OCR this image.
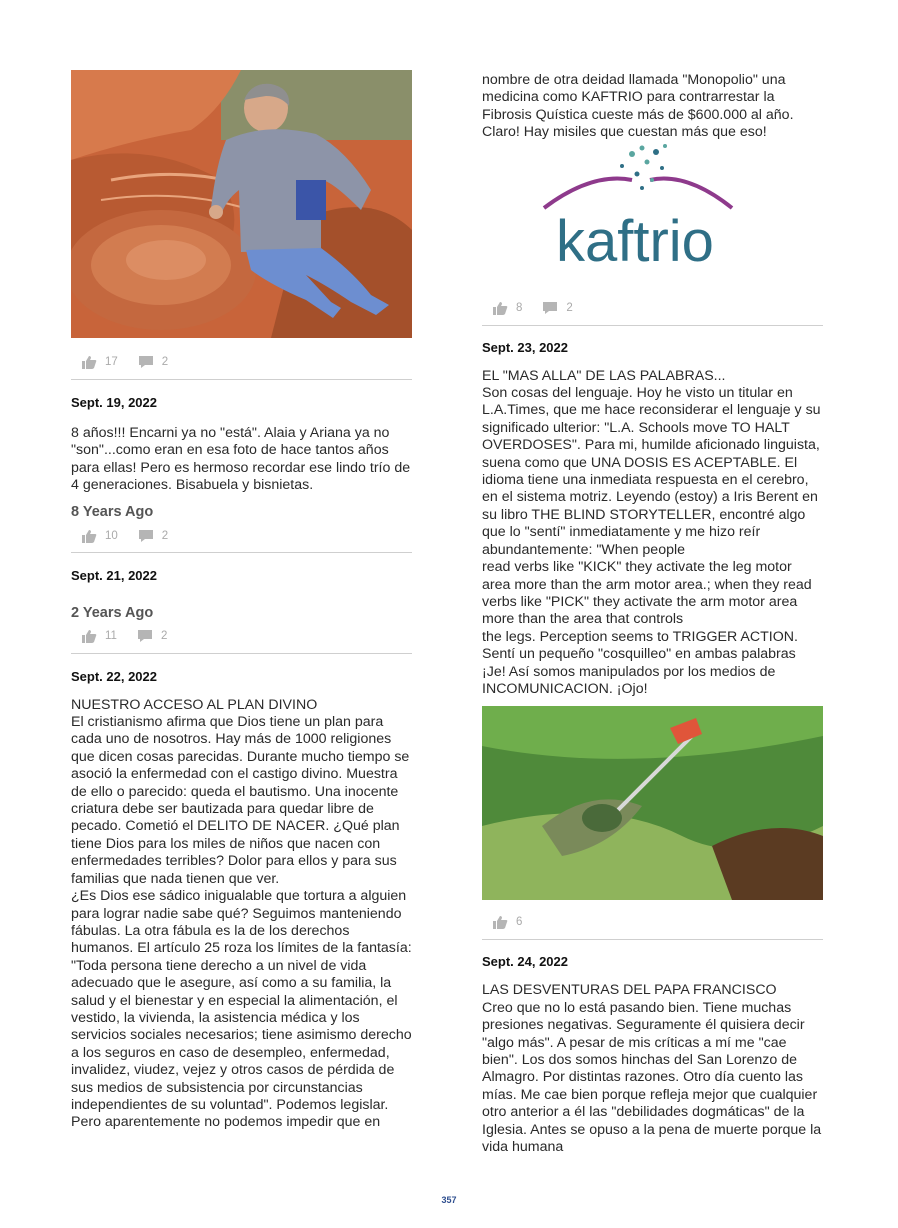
17	2
Sept. 19, 2022
8 años!!! Encarni ya no "está". Alaia y Ariana ya no "son"...como eran en esa foto de hace tantos años para ellas! Pero es hermoso recordar ese lindo trío de 4 generaciones. Bisabuela y bisnietas.
8 Years Ago
10	2
Sept. 21, 2022
2 Years Ago
11	2
Sept. 22, 2022
NUESTRO ACCESO AL PLAN DIVINO
El cristianismo afirma que Dios tiene un plan para cada uno de nosotros. Hay más de 1000 religiones que dicen cosas parecidas. Durante mucho tiempo se asoció la enfermedad con el castigo divino. Muestra de ello o parecido: queda el bautismo. Una inocente criatura debe ser bautizada para quedar libre de pecado. Cometió el DELITO DE NACER. ¿Qué plan tiene Dios para los miles de niños que nacen con enfermedades terribles? Dolor para ellos y para sus familias que nada tienen que ver.
¿Es Dios ese sádico inigualable que tortura a alguien para lograr nadie sabe qué? Seguimos manteniendo fábulas. La otra fábula es la de los derechos humanos. El artículo 25 roza los límites de la fantasía: "Toda persona tiene derecho a un nivel de vida adecuado que le asegure, así como a su familia, la salud y el bienestar y en especial la alimentación, el vestido, la vivienda, la asistencia médica y los servicios sociales necesarios; tiene asimismo derecho a los seguros en caso de desempleo, enfermedad, invalidez, viudez, vejez y otros casos de pérdida de sus medios de subsistencia por circunstancias independientes de su voluntad". Podemos legislar. Pero aparentemente no podemos impedir que en
nombre de otra deidad llamada "Monopolio" una medicina como KAFTRIO para contrarrestar la Fibrosis Quística cueste más de $600.000 al año. Claro! Hay misiles que cuestan más que eso!
kaftrio
8	2
Sept. 23, 2022
EL "MAS ALLA" DE LAS PALABRAS...
Son cosas del lenguaje. Hoy he visto un titular en L.A.Times, que me hace reconsiderar el lenguaje y su significado ulterior: "L.A. Schools move TO HALT OVERDOSES". Para mi, humilde aficionado linguista, suena como que UNA DOSIS ES ACEPTABLE. El idioma tiene una inmediata respuesta en el cerebro, en el sistema motriz. Leyendo (estoy) a Iris Berent en su libro THE BLIND STORYTELLER, encontré algo que lo "sentí" inmediatamente y me hizo reír abundantemente: "When people
read verbs like "KICK" they activate the leg motor area more than the arm motor area.; when they read verbs like "PICK" they activate the arm motor area more than the area that controls
the legs. Perception seems to TRIGGER ACTION.
Sentí un pequeño "cosquilleo" en ambas palabras ¡Je! Así somos manipulados por los medios de INCOMUNICACION. ¡Ojo!
6
Sept. 24, 2022
LAS DESVENTURAS DEL PAPA FRANCISCO
Creo que no lo está pasando bien. Tiene muchas presiones negativas. Seguramente él quisiera decir "algo más". A pesar de mis críticas a mí me "cae bien". Los dos somos hinchas del San Lorenzo de Almagro. Por distintas razones. Otro día cuento las mías. Me cae bien porque refleja mejor que cualquier otro anterior a él las "debilidades dogmáticas" de la Iglesia. Antes se opuso a la pena de muerte porque la vida humana
357
